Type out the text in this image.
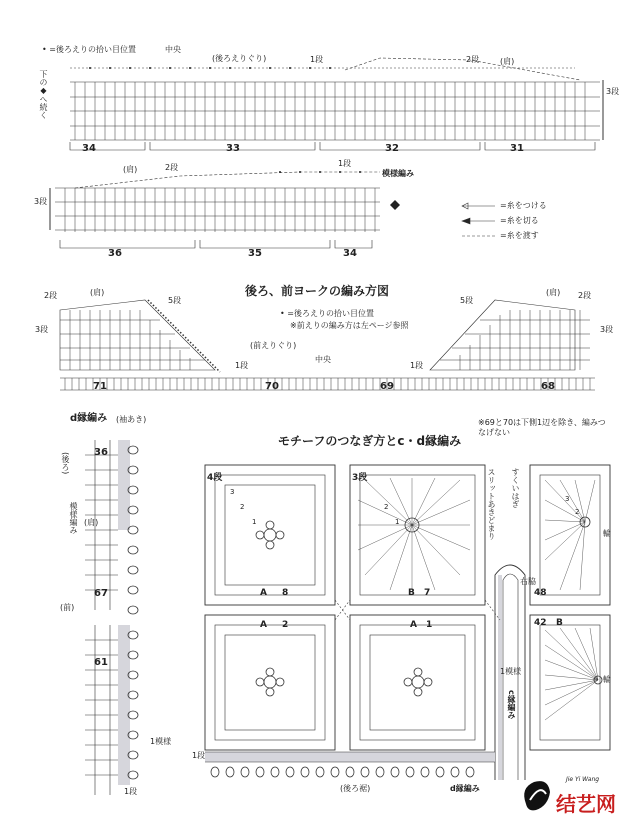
• =後ろえりの拾い目位置	中央
(後ろえりぐり)	1段	2段	(肩)
3段
下の◆へ続く
34	33	32	31
(肩)	2段	1段
模様編み
3段
36	35	34
=糸をつける
=糸を切る
=糸を渡す
後ろ、前ヨークの編み方図
2段	(肩)
5段
3段
• =後ろえりの拾い目位置
※前えりの編み方は左ページ参照
(前えりぐり)
中央
5段
(肩) 2段
3段
1段	1段
71	70	69	68
d縁編み (袖あき)
36
(後ろ)
模様編み (肩)
67
(前)
61
1模様
1段
モチーフのつなぎ方とc・d縁編み
※69と70は下側1辺を除き、編みつなげない
スリットあきどまり すくいはぎ
右脇
輪
輪
c縁編み
1模様
1段
(後ろ裾)	d縁編み
4段
A 8
3段
B 7	48
A 2	A 1	42 B
3
2
1
2
1
3
2
Jie Yi Wang
结艺网
